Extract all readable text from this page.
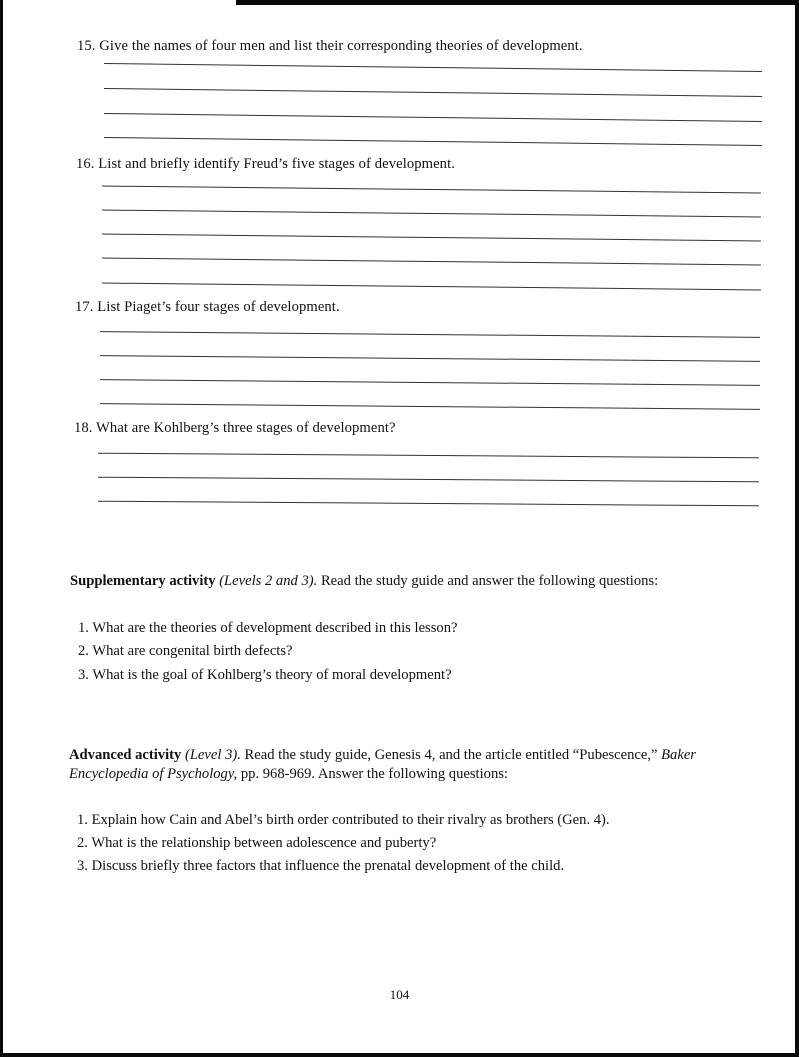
15. Give the names of four men and list their corresponding theories of development.
16. List and briefly identify Freud’s five stages of development.
17. List Piaget’s four stages of development.
18. What are Kohlberg’s three stages of development?
Supplementary activity (Levels 2 and 3). Read the study guide and answer the following questions:
1. What are the theories of development described in this lesson?
2. What are congenital birth defects?
3. What is the goal of Kohlberg’s theory of moral development?
Advanced activity (Level 3). Read the study guide, Genesis 4, and the article entitled “Pubescence,” Baker Encyclopedia of Psychology, pp. 968-969. Answer the following questions:
1. Explain how Cain and Abel’s birth order contributed to their rivalry as brothers (Gen. 4).
2. What is the relationship between adolescence and puberty?
3. Discuss briefly three factors that influence the prenatal development of the child.
104
